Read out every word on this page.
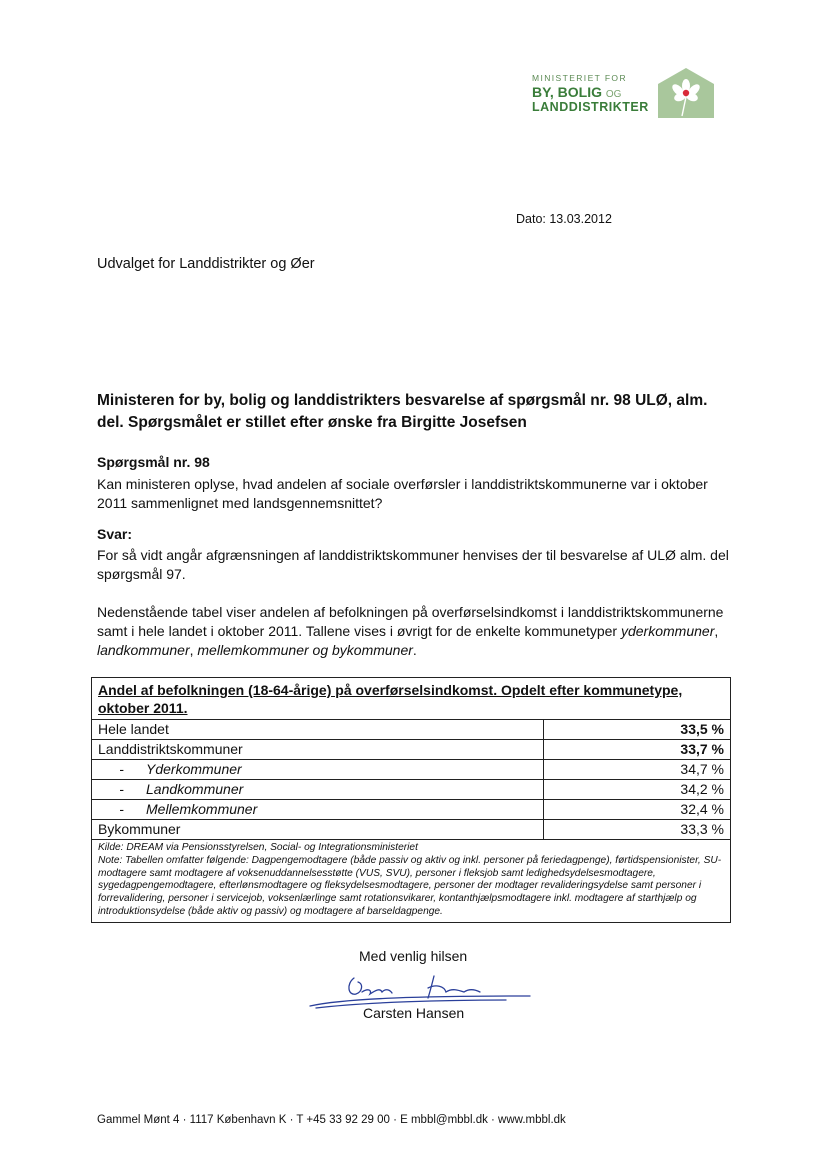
MINISTERIET FOR
BY, BOLIG OG
LANDDISTRIKTER
Dato: 13.03.2012
Udvalget for Landdistrikter og Øer
Ministeren for by, bolig og landdistrikters besvarelse af spørgsmål nr. 98 ULØ, alm. del. Spørgsmålet er stillet efter ønske fra Birgitte Josefsen
Spørgsmål nr. 98
Kan ministeren oplyse, hvad andelen af sociale overførsler i landdistriktskommunerne var i oktober 2011 sammenlignet med landsgennemsnittet?
Svar:
For så vidt angår afgrænsningen af landdistriktskommuner henvises der til besvarelse af ULØ alm. del spørgsmål 97.
Nedenstående tabel viser andelen af befolkningen på overførselsindkomst i landdistriktskommunerne samt i hele landet i oktober 2011. Tallene vises i øvrigt for de enkelte kommunetyper yderkommuner, landkommuner, mellemkommuner og bykommuner.
Andel af befolkningen (18-64-årige) på overførselsindkomst. Opdelt efter kommunetype, oktober 2011.
Hele landet	33,5 %
Landdistriktskommuner	33,7 %
- Yderkommuner	34,7 %
- Landkommuner	34,2 %
- Mellemkommuner	32,4 %
Bykommuner	33,3 %
Kilde: DREAM via Pensionsstyrelsen, Social- og Integrationsministeriet
Note: Tabellen omfatter følgende: Dagpengemodtagere (både passiv og aktiv og inkl. personer på feriedagpenge), førtidspensionister, SU-modtagere samt modtagere af voksenuddannelsesstøtte (VUS, SVU), personer i fleksjob samt ledighedsydelsesmodtagere, sygedagpengemodtagere, efterlønsmodtagere og fleksydelsesmodtagere, personer der modtager revalideringsydelse samt personer i forrevalidering, personer i servicejob, voksenlærlinge samt rotationsvikarer, kontanthjælpsmodtagere inkl. modtagere af starthjælp og introduktionsydelse (både aktiv og passiv) og modtagere af barseldagpenge.
Med venlig hilsen
Carsten Hansen
Gammel Mønt 4 · 1117 København K · T +45 33 92 29 00 · E mbbl@mbbl.dk · www.mbbl.dk
